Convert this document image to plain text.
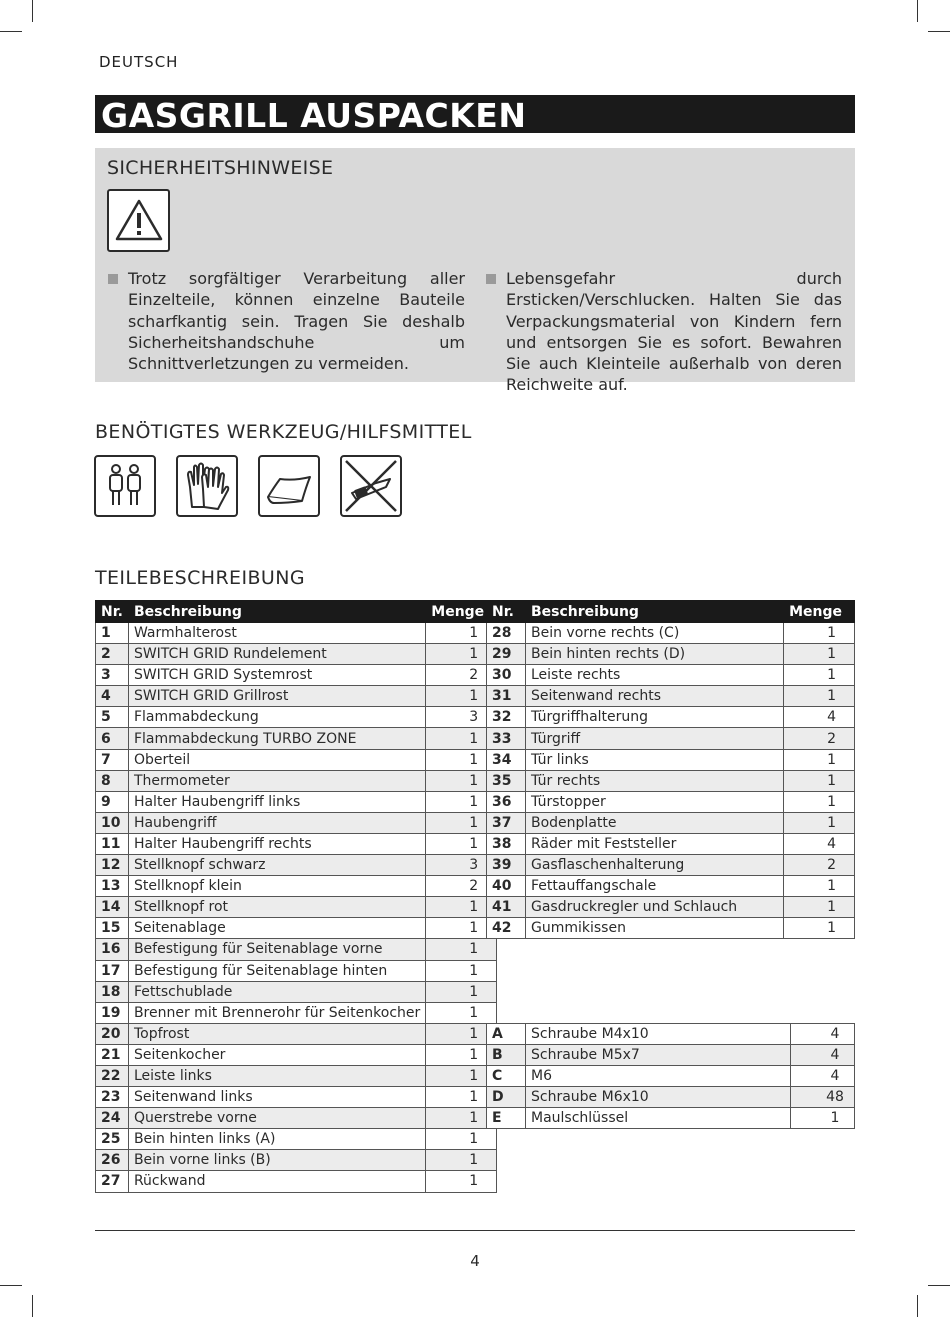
DEUTSCH
GASGRILL AUSPACKEN
SICHERHEITSHINWEISE
Trotz sorgfältiger Verarbeitung aller Einzelteile, können einzelne Bauteile scharfkantig sein. Tragen Sie deshalb Sicherheitshandschuhe um Schnittverletzungen zu vermeiden.
Lebensgefahr durch Ersticken/Verschlucken. Halten Sie das Verpackungsmaterial von Kindern fern und entsorgen Sie es sofort. Bewahren Sie auch Kleinteile außerhalb von deren Reichweite auf.
BENÖTIGTES WERKZEUG/HILFSMITTEL
TEILEBESCHREIBUNG
Nr.	Beschreibung	Menge
1	Warmhalterost	1
2	SWITCH GRID Rundelement	1
3	SWITCH GRID Systemrost	2
4	SWITCH GRID Grillrost	1
5	Flammabdeckung	3
6	Flammabdeckung TURBO ZONE	1
7	Oberteil	1
8	Thermometer	1
9	Halter Haubengriff links	1
10	Haubengriff	1
11	Halter Haubengriff rechts	1
12	Stellknopf schwarz	3
13	Stellknopf klein	2
14	Stellknopf rot	1
15	Seitenablage	1
16	Befestigung für Seitenablage vorne	1
17	Befestigung für Seitenablage hinten	1
18	Fettschublade	1
19	Brenner mit Brennerohr für Seitenkocher	1
20	Topfrost	1
21	Seitenkocher	1
22	Leiste links	1
23	Seitenwand links	1
24	Querstrebe vorne	1
25	Bein hinten links (A)	1
26	Bein vorne links (B)	1
27	Rückwand	1
Nr.	Beschreibung	Menge
28	Bein vorne rechts (C)	1
29	Bein hinten rechts (D)	1
30	Leiste rechts	1
31	Seitenwand rechts	1
32	Türgriffhalterung	4
33	Türgriff	2
34	Tür links	1
35	Tür rechts	1
36	Türstopper	1
37	Bodenplatte	1
38	Räder mit Feststeller	4
39	Gasflaschenhalterung	2
40	Fettauffangschale	1
41	Gasdruckregler und Schlauch	1
42	Gummikissen	1
A	Schraube M4x10	4
B	Schraube M5x7	4
C	M6	4
D	Schraube M6x10	48
E	Maulschlüssel	1
4
